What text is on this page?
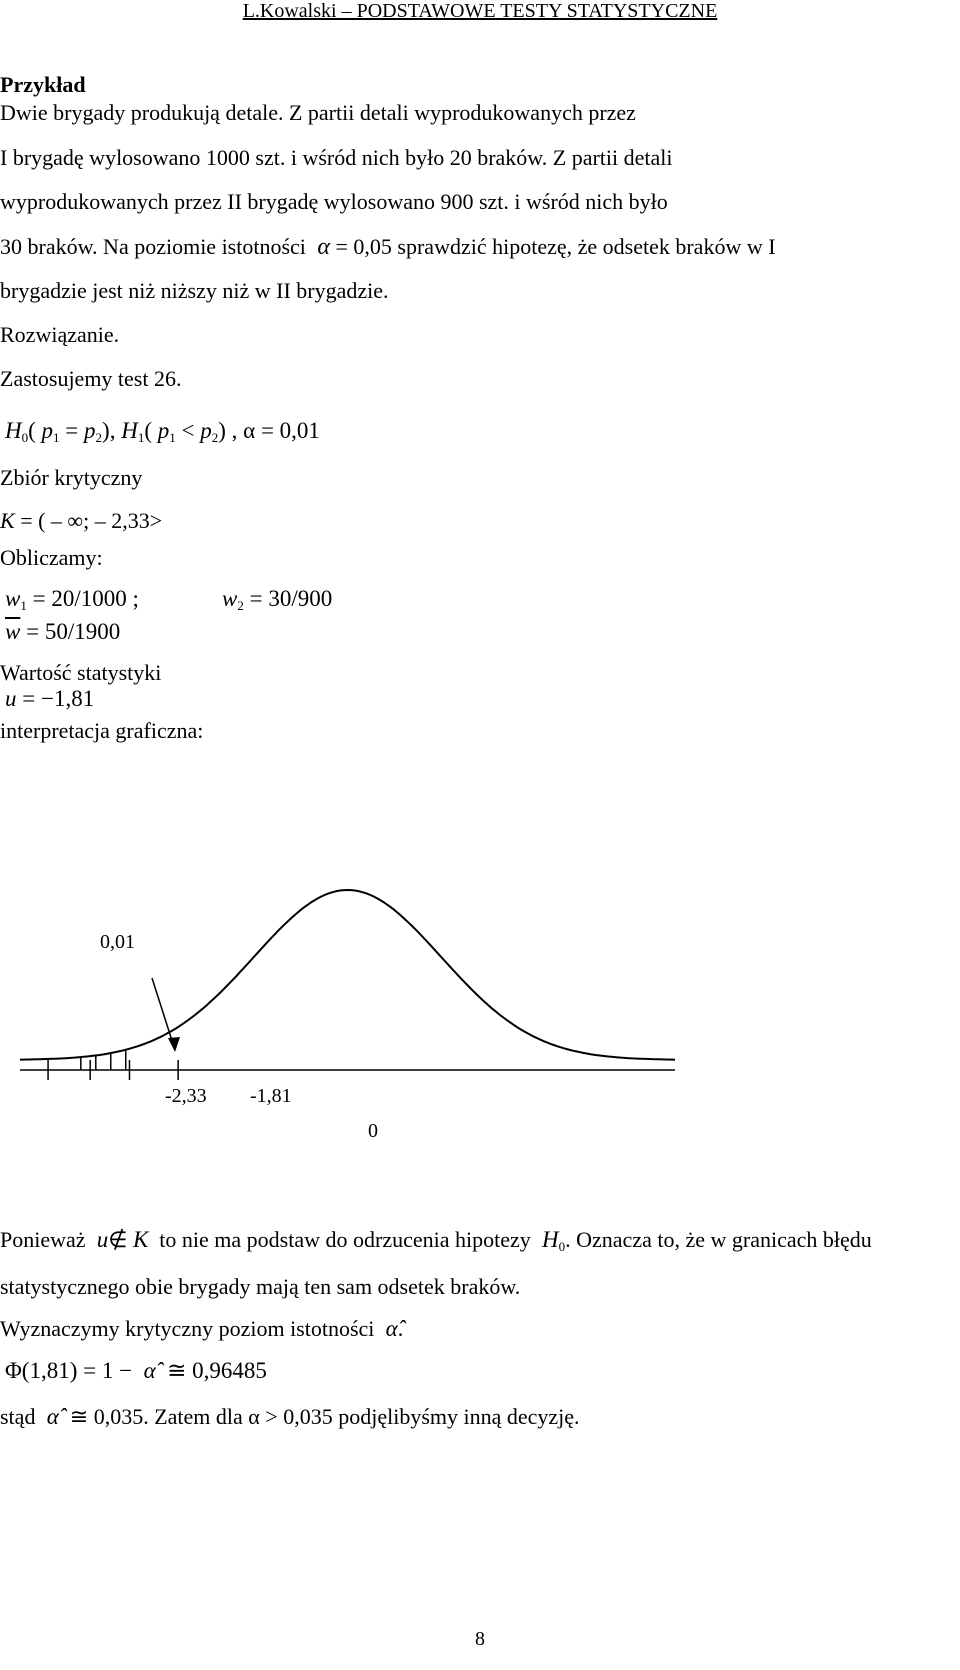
L.Kowalski – PODSTAWOWE TESTY STATYSTYCZNE
Przykład
Dwie brygady produkują detale. Z partii detali wyprodukowanych przez
I brygadę wylosowano 1000 szt. i wśród nich było 20 braków. Z partii detali
wyprodukowanych przez II brygadę wylosowano 900 szt. i wśród nich było
30 braków. Na poziomie istotności  α = 0,05 sprawdzić hipotezę, że odsetek braków w I
brygadzie jest niż niższy niż w II brygadzie.
Rozwiązanie.
Zastosujemy test 26.
$H_0$( $p_1 = p_2$), $H_1$( $p_1 < p_2$) , α = 0,01
Zbiór krytyczny
K = ( – ∞; – 2,33>
Obliczamy:
$w_1 = 20/1000$ ;	$w_2 = 30/900$
$\overline{w} = 50/1900$
Wartość statystyki
u = −1,81
interpretacja graficzna:
0,01
-2,33 -1,81
0
Ponieważ  u∉ K to nie ma podstaw do odrzucenia hipotezy  $H_0$. Oznacza to, że w granicach błędu
statystycznego obie brygady mają ten sam odsetek braków.
Wyznaczymy krytyczny poziom istotności  α̂.
Φ(1,81) = 1 −  α̂ ≅ 0,96485
stąd  α̂ ≅ 0,035. Zatem dla α > 0,035 podjęlibyśmy inną decyzję.
8
